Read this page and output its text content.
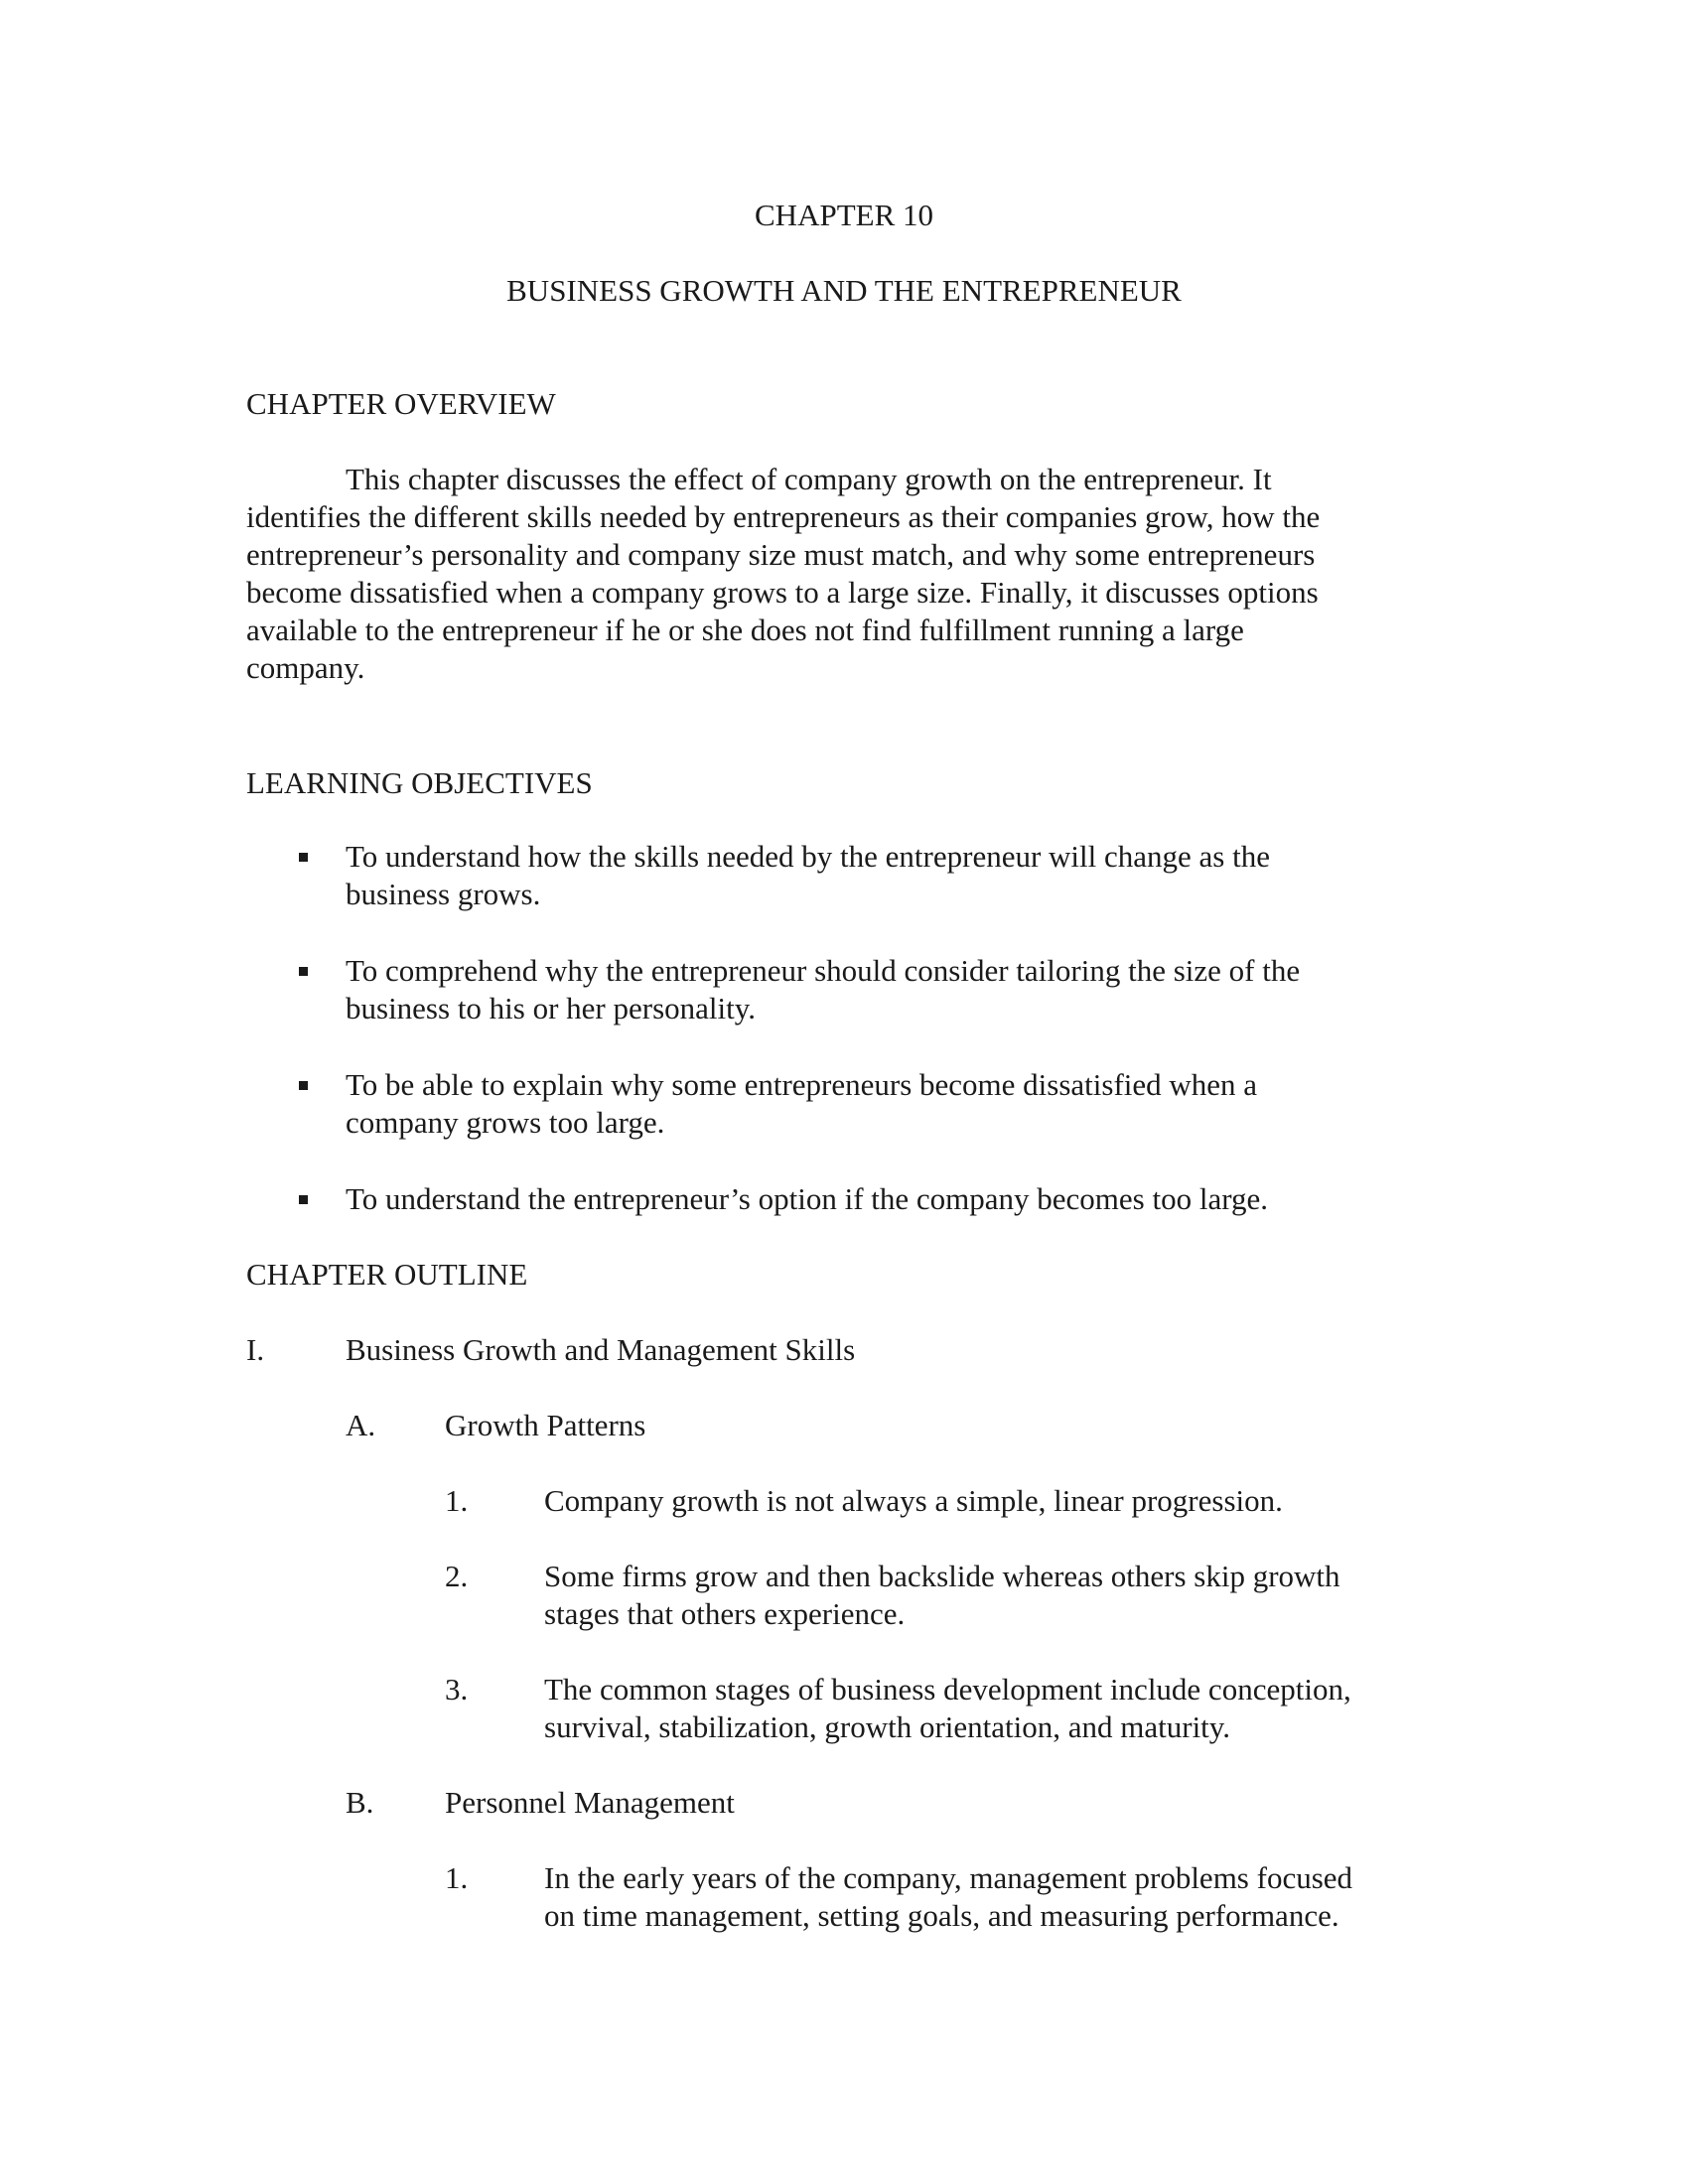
CHAPTER 10
BUSINESS GROWTH AND THE ENTREPRENEUR
CHAPTER OVERVIEW
This chapter discusses the effect of company growth on the entrepreneur. It
identifies the different skills needed by entrepreneurs as their companies grow, how the
entrepreneur’s personality and company size must match, and why some entrepreneurs
become dissatisfied when a company grows to a large size. Finally, it discusses options
available to the entrepreneur if he or she does not find fulfillment running a large
company.
LEARNING OBJECTIVES
To understand how the skills needed by the entrepreneur will change as the
business grows.
To comprehend why the entrepreneur should consider tailoring the size of the
business to his or her personality.
To be able to explain why some entrepreneurs become dissatisfied when a
company grows too large.
To understand the entrepreneur’s option if the company becomes too large.
CHAPTER OUTLINE
I.	Business Growth and Management Skills
A. Growth Patterns
1. Company growth is not always a simple, linear progression.
2. Some firms grow and then backslide whereas others skip growth
stages that others experience.
3. The common stages of business development include conception,
survival, stabilization, growth orientation, and maturity.
B. Personnel Management
1. In the early years of the company, management problems focused
on time management, setting goals, and measuring performance.
